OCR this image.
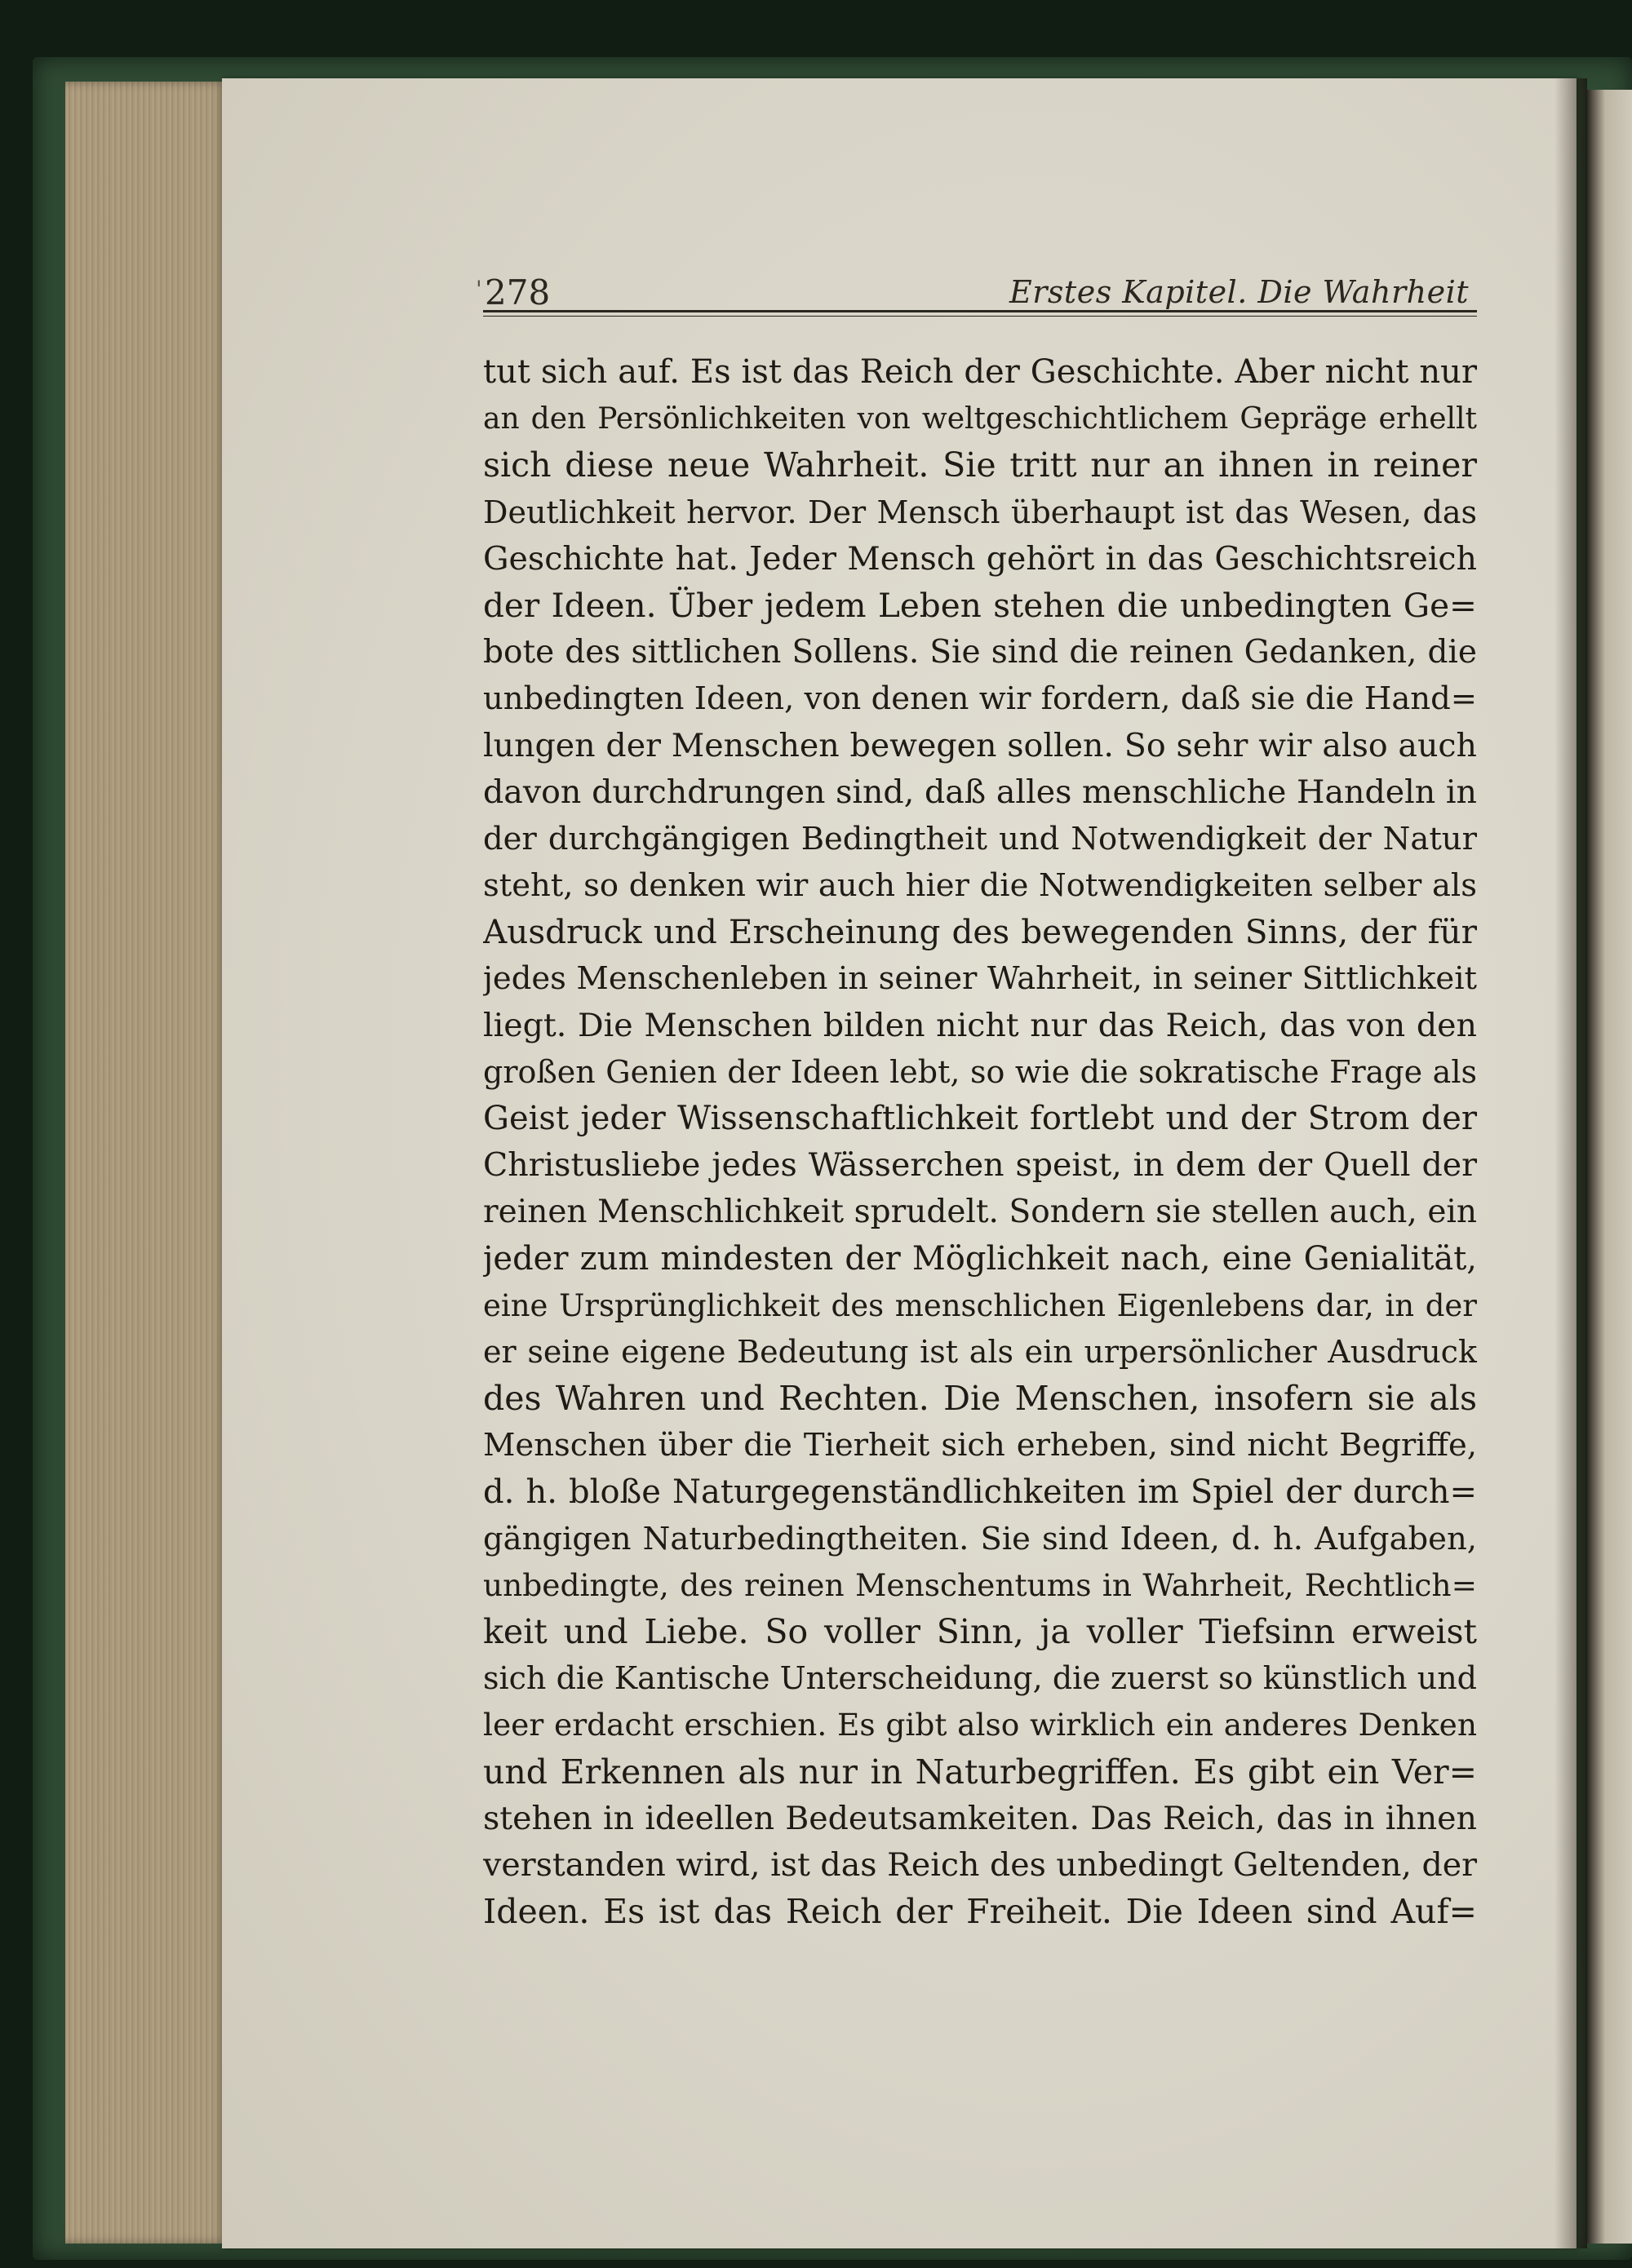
' 278	Erstes Kapitel. Die Wahrheit
tut sich auf. Es ist das Reich der Geschichte. Aber nicht nur
an den Persönlichkeiten von weltgeschichtlichem Gepräge erhellt
sich diese neue Wahrheit. Sie tritt nur an ihnen in reiner
Deutlichkeit hervor. Der Mensch überhaupt ist das Wesen, das
Geschichte hat. Jeder Mensch gehört in das Geschichtsreich
der Ideen. Über jedem Leben stehen die unbedingten Ge=
bote des sittlichen Sollens. Sie sind die reinen Gedanken, die
unbedingten Ideen, von denen wir fordern, daß sie die Hand=
lungen der Menschen bewegen sollen. So sehr wir also auch
davon durchdrungen sind, daß alles menschliche Handeln in
der durchgängigen Bedingtheit und Notwendigkeit der Natur
steht, so denken wir auch hier die Notwendigkeiten selber als
Ausdruck und Erscheinung des bewegenden Sinns, der für
jedes Menschenleben in seiner Wahrheit, in seiner Sittlichkeit
liegt. Die Menschen bilden nicht nur das Reich, das von den
großen Genien der Ideen lebt, so wie die sokratische Frage als
Geist jeder Wissenschaftlichkeit fortlebt und der Strom der
Christusliebe jedes Wässerchen speist, in dem der Quell der
reinen Menschlichkeit sprudelt. Sondern sie stellen auch, ein
jeder zum mindesten der Möglichkeit nach, eine Genialität,
eine Ursprünglichkeit des menschlichen Eigenlebens dar, in der
er seine eigene Bedeutung ist als ein urpersönlicher Ausdruck
des Wahren und Rechten. Die Menschen, insofern sie als
Menschen über die Tierheit sich erheben, sind nicht Begriffe,
d. h. bloße Naturgegenständlichkeiten im Spiel der durch=
gängigen Naturbedingtheiten. Sie sind Ideen, d. h. Aufgaben,
unbedingte, des reinen Menschentums in Wahrheit, Rechtlich=
keit und Liebe. So voller Sinn, ja voller Tiefsinn erweist
sich die Kantische Unterscheidung, die zuerst so künstlich und
leer erdacht erschien. Es gibt also wirklich ein anderes Denken
und Erkennen als nur in Naturbegriffen. Es gibt ein Ver=
stehen in ideellen Bedeutsamkeiten. Das Reich, das in ihnen
verstanden wird, ist das Reich des unbedingt Geltenden, der
Ideen. Es ist das Reich der Freiheit. Die Ideen sind Auf=
